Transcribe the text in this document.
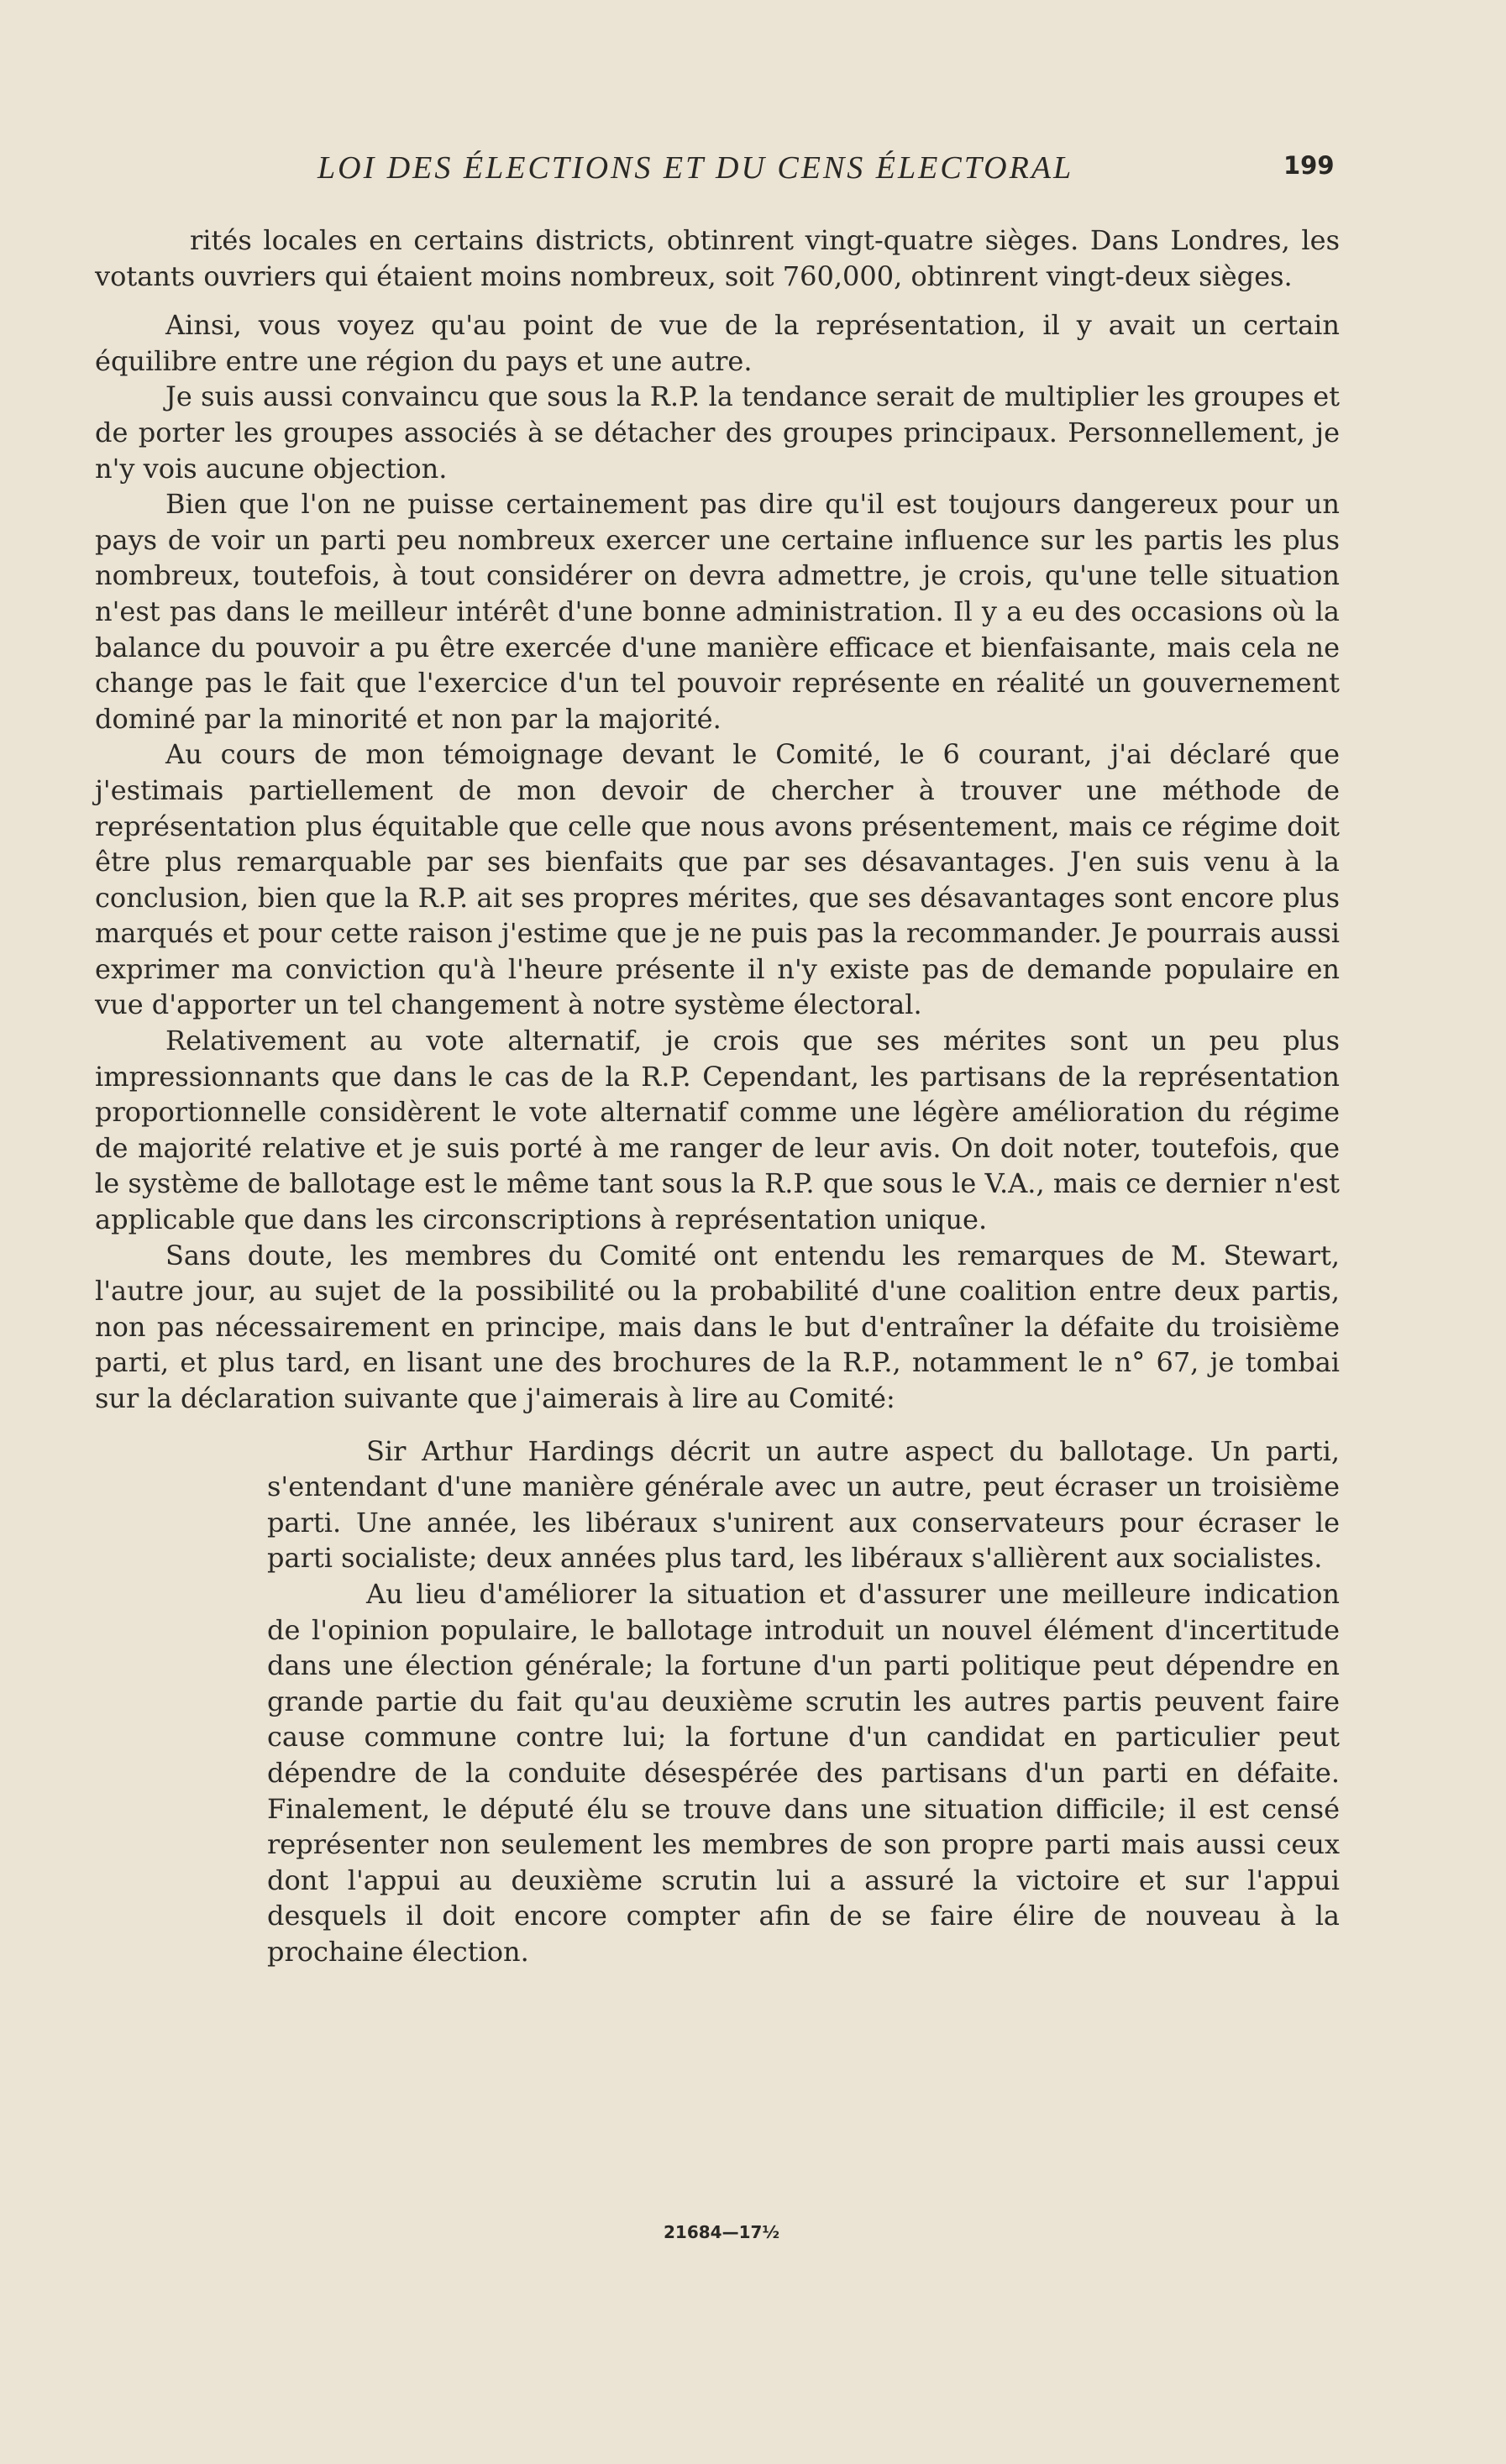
LOI DES ÉLECTIONS ET DU CENS ÉLECTORAL	199

rités locales en certains districts, obtinrent vingt-quatre sièges. Dans Londres, les votants ouvriers qui étaient moins nombreux, soit 760,000, obtinrent vingt-deux sièges.

Ainsi, vous voyez qu'au point de vue de la représentation, il y avait un certain équilibre entre une région du pays et une autre.

Je suis aussi convaincu que sous la R.P. la tendance serait de multiplier les groupes et de porter les groupes associés à se détacher des groupes principaux. Personnellement, je n'y vois aucune objection.

Bien que l'on ne puisse certainement pas dire qu'il est toujours dangereux pour un pays de voir un parti peu nombreux exercer une certaine influence sur les partis les plus nombreux, toutefois, à tout considérer on devra admettre, je crois, qu'une telle situation n'est pas dans le meilleur intérêt d'une bonne administration. Il y a eu des occasions où la balance du pouvoir a pu être exercée d'une manière efficace et bienfaisante, mais cela ne change pas le fait que l'exercice d'un tel pouvoir représente en réalité un gouvernement dominé par la minorité et non par la majorité.

Au cours de mon témoignage devant le Comité, le 6 courant, j'ai déclaré que j'estimais partiellement de mon devoir de chercher à trouver une méthode de représentation plus équitable que celle que nous avons présentement, mais ce régime doit être plus remarquable par ses bienfaits que par ses désavantages. J'en suis venu à la conclusion, bien que la R.P. ait ses propres mérites, que ses désavantages sont encore plus marqués et pour cette raison j'estime que je ne puis pas la recommander. Je pourrais aussi exprimer ma conviction qu'à l'heure présente il n'y existe pas de demande populaire en vue d'apporter un tel changement à notre système électoral.

Relativement au vote alternatif, je crois que ses mérites sont un peu plus impressionnants que dans le cas de la R.P. Cependant, les partisans de la représentation proportionnelle considèrent le vote alternatif comme une légère amélioration du régime de majorité relative et je suis porté à me ranger de leur avis. On doit noter, toutefois, que le système de ballotage est le même tant sous la R.P. que sous le V.A., mais ce dernier n'est applicable que dans les circonscriptions à représentation unique.

Sans doute, les membres du Comité ont entendu les remarques de M. Stewart, l'autre jour, au sujet de la possibilité ou la probabilité d'une coalition entre deux partis, non pas nécessairement en principe, mais dans le but d'entraîner la défaite du troisième parti, et plus tard, en lisant une des brochures de la R.P., notamment le n° 67, je tombai sur la déclaration suivante que j'aimerais à lire au Comité:

Sir Arthur Hardings décrit un autre aspect du ballotage. Un parti, s'entendant d'une manière générale avec un autre, peut écraser un troisième parti. Une année, les libéraux s'unirent aux conservateurs pour écraser le parti socialiste; deux années plus tard, les libéraux s'allièrent aux socialistes.

Au lieu d'améliorer la situation et d'assurer une meilleure indication de l'opinion populaire, le ballotage introduit un nouvel élément d'incertitude dans une élection générale; la fortune d'un parti politique peut dépendre en grande partie du fait qu'au deuxième scrutin les autres partis peuvent faire cause commune contre lui; la fortune d'un candidat en particulier peut dépendre de la conduite désespérée des partisans d'un parti en défaite. Finalement, le député élu se trouve dans une situation difficile; il est censé représenter non seulement les membres de son propre parti mais aussi ceux dont l'appui au deuxième scrutin lui a assuré la victoire et sur l'appui desquels il doit encore compter afin de se faire élire de nouveau à la prochaine élection.

21684—17½
